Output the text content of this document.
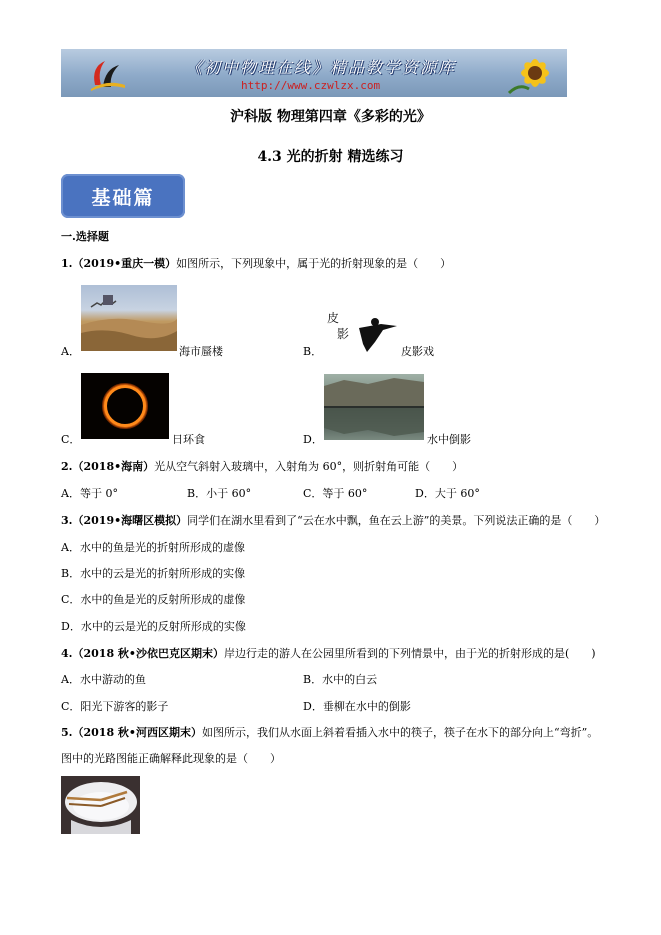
《初中物理在线》精品教学资源库
http://www.czwlzx.com
沪科版 物理第四章《多彩的光》
4.3 光的折射 精选练习
基础篇
一.选择题
1.（2019•重庆一模）如图所示，下列现象中，属于光的折射现象的是（　　）
A．	海市蜃楼	B．
皮
影
皮影戏
C．	日环食	D．	水中倒影
2.（2018•海南）光从空气斜射入玻璃中，入射角为 60°，则折射角可能（　　）
A．等于 0°	B．小于 60°	C．等于 60°	D．大于 60°
3.（2019•海曙区模拟）同学们在湖水里看到了“云在水中飘，鱼在云上游”的美景。下列说法正确的是（　　）
A．水中的鱼是光的折射所形成的虚像
B．水中的云是光的折射所形成的实像
C．水中的鱼是光的反射所形成的虚像
D．水中的云是光的反射所形成的实像
4.（2018 秋•沙依巴克区期末）岸边行走的游人在公园里所看到的下列情景中，由于光的折射形成的是(　　)
A．水中游动的鱼	B．水中的白云
C．阳光下游客的影子	D．垂柳在水中的倒影
5.（2018 秋•河西区期末）如图所示，我们从水面上斜着看插入水中的筷子，筷子在水下的部分向上“弯折”。
图中的光路图能正确解释此现象的是（　　）
